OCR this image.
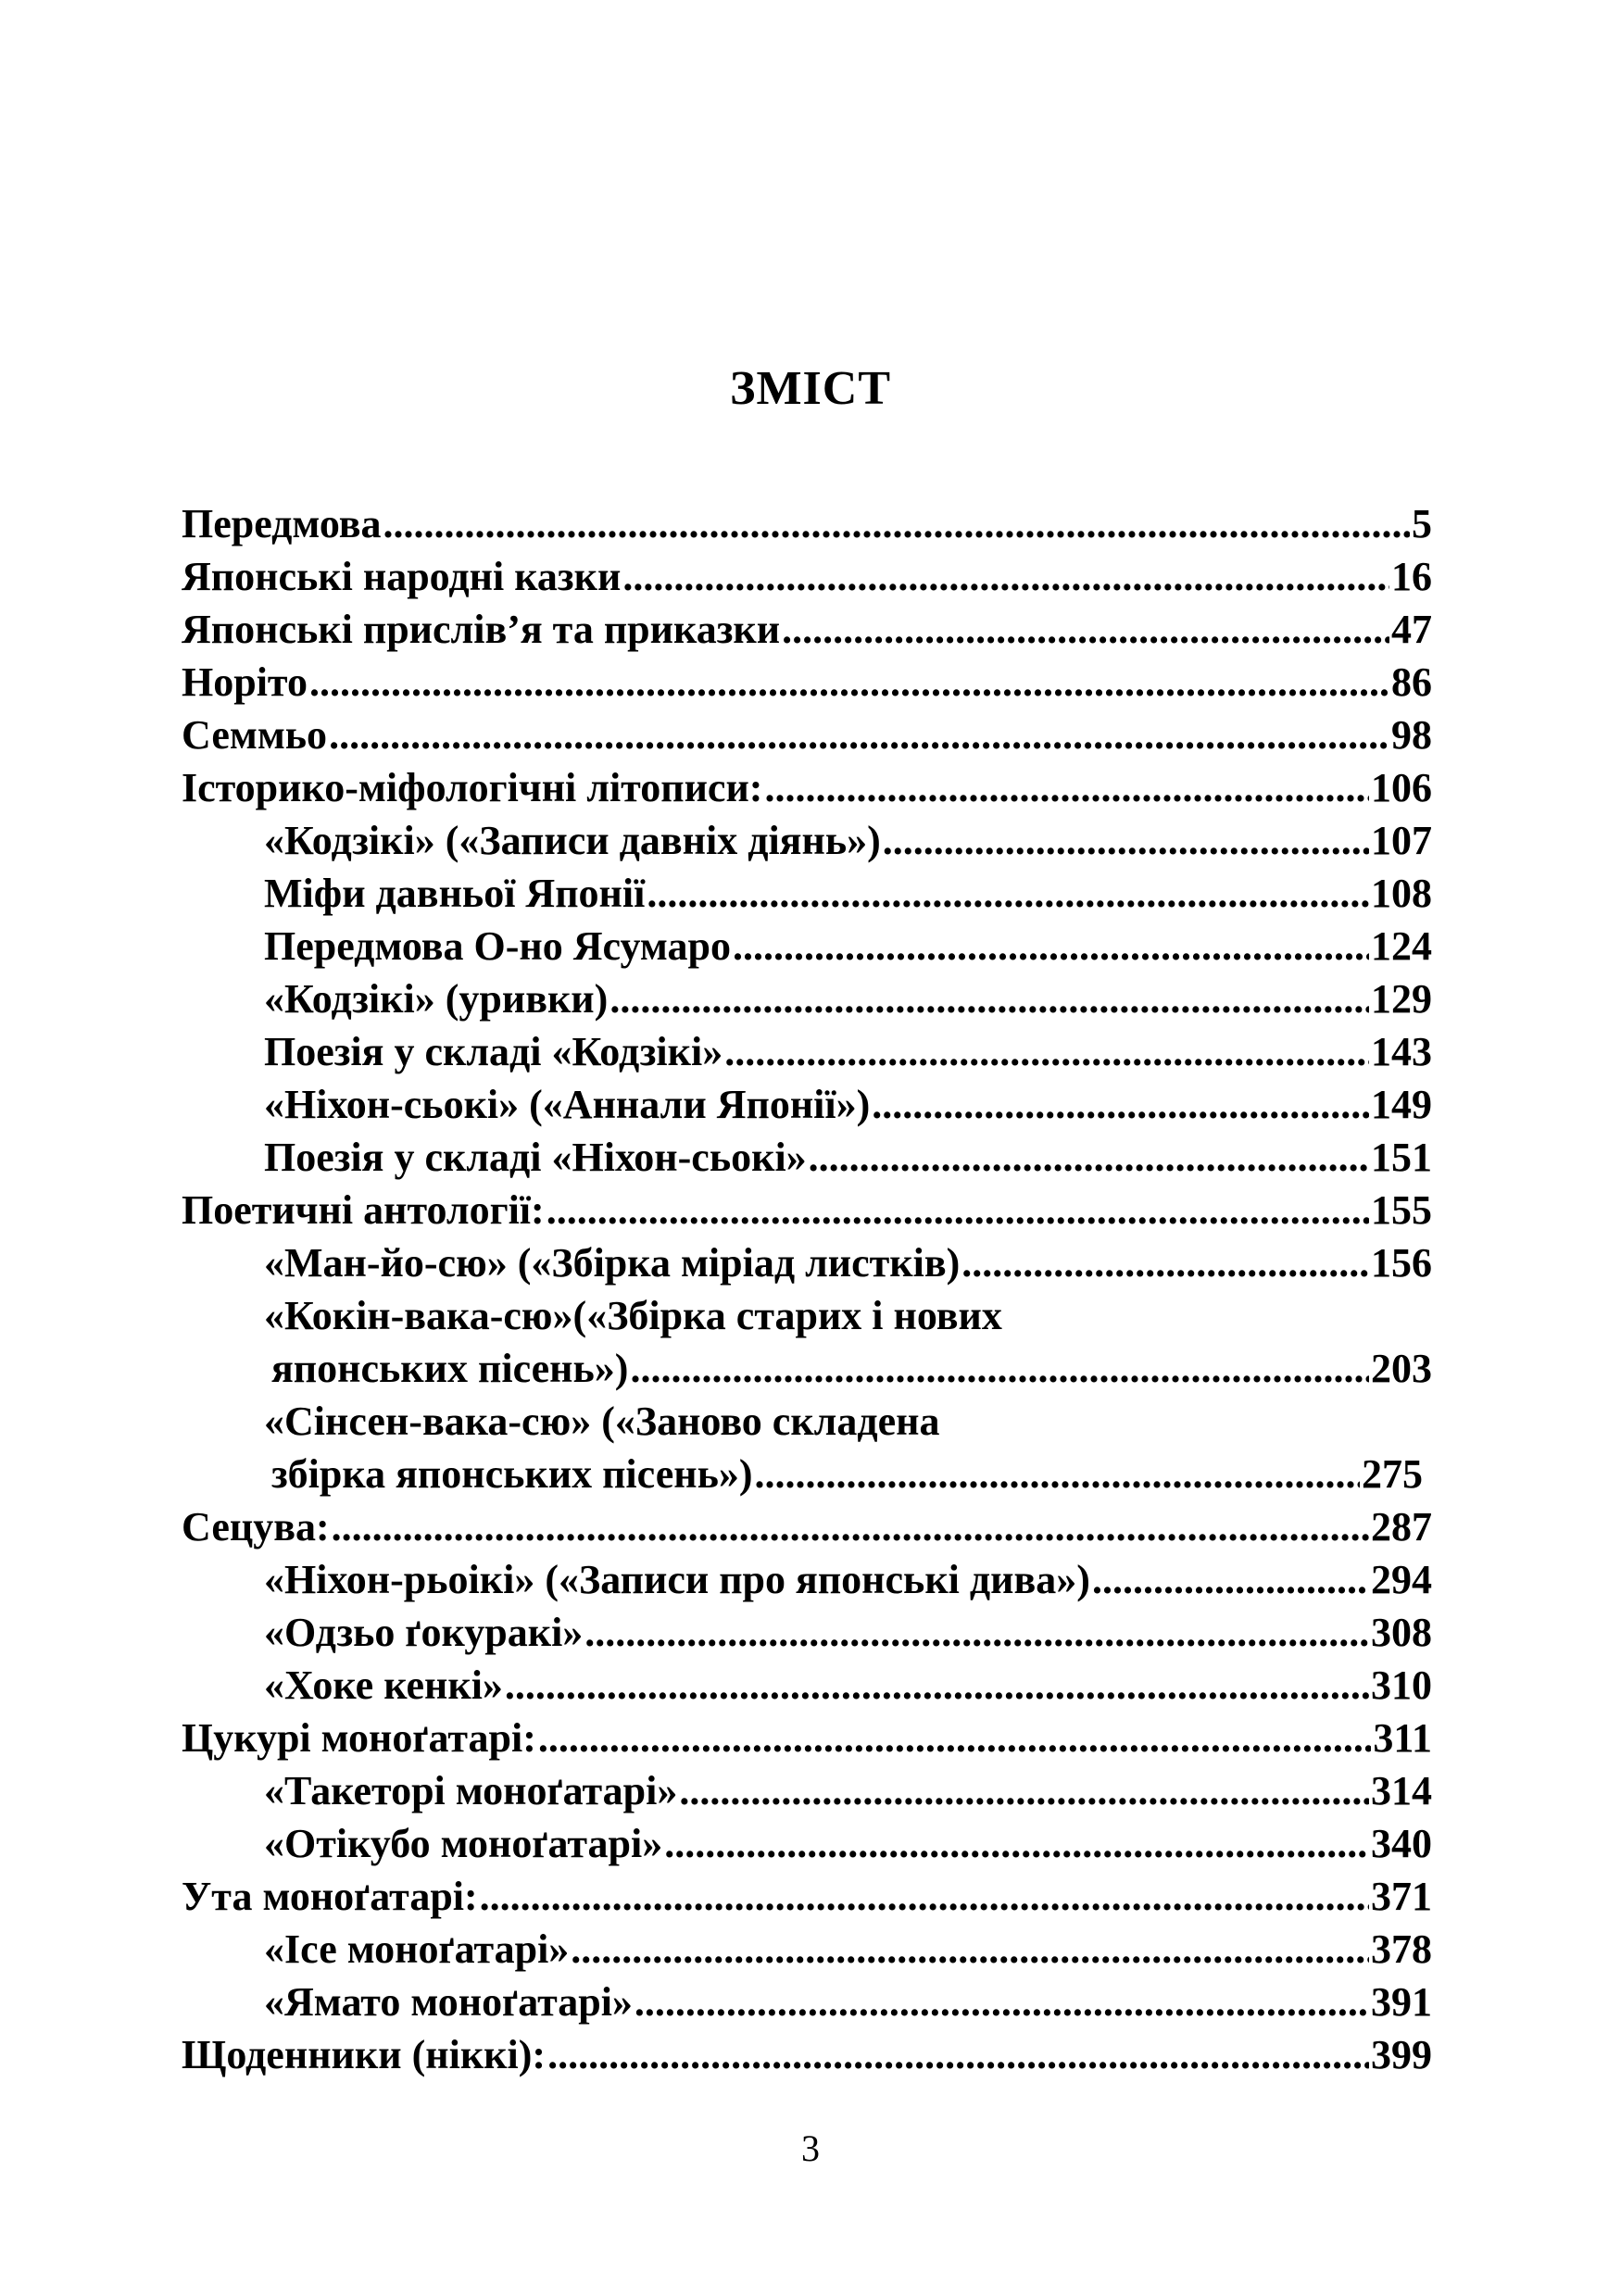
ЗМІСТ
Передмова .....	5
Японські народні казки .....	16
Японські прислів’я та приказки .....	47
Норіто .....	86
Семмьо .....	98
Історико-міфологічні літописи: .....	106
«Кодзікі» («Записи давніх діянь») .....	107
Міфи давньої Японії .....	108
Передмова О-но Ясумаро .....	124
«Кодзікі» (уривки) .....	129
Поезія у складі «Кодзікі» .....	143
«Ніхон-сьокі» («Аннали Японії») .....	149
Поезія у складі «Ніхон-сьокі» .....	151
Поетичні антології: .....	155
«Ман-йо-сю» («Збірка міріад листків) .....	156
«Кокін-вака-сю»(«Збірка старих і нових
японських пісень») .....	203
«Сінсен-вака-сю» («Заново складена
збірка японських пісень») .....	275
Сецува: .....	287
«Ніхон-рьоікі» («Записи про японські дива») .....	294
«Одзьо ґокуракі» .....	308
«Хоке кенкі» .....	310
Цукурі моноґатарі: .....	311
«Такеторі моноґатарі» .....	314
«Отікубо моноґатарі» .....	340
Ута моноґатарі: .....	371
«Ісе моноґатарі» .....	378
«Ямато моноґатарі» .....	391
Щоденники (ніккі): .....	399

3
